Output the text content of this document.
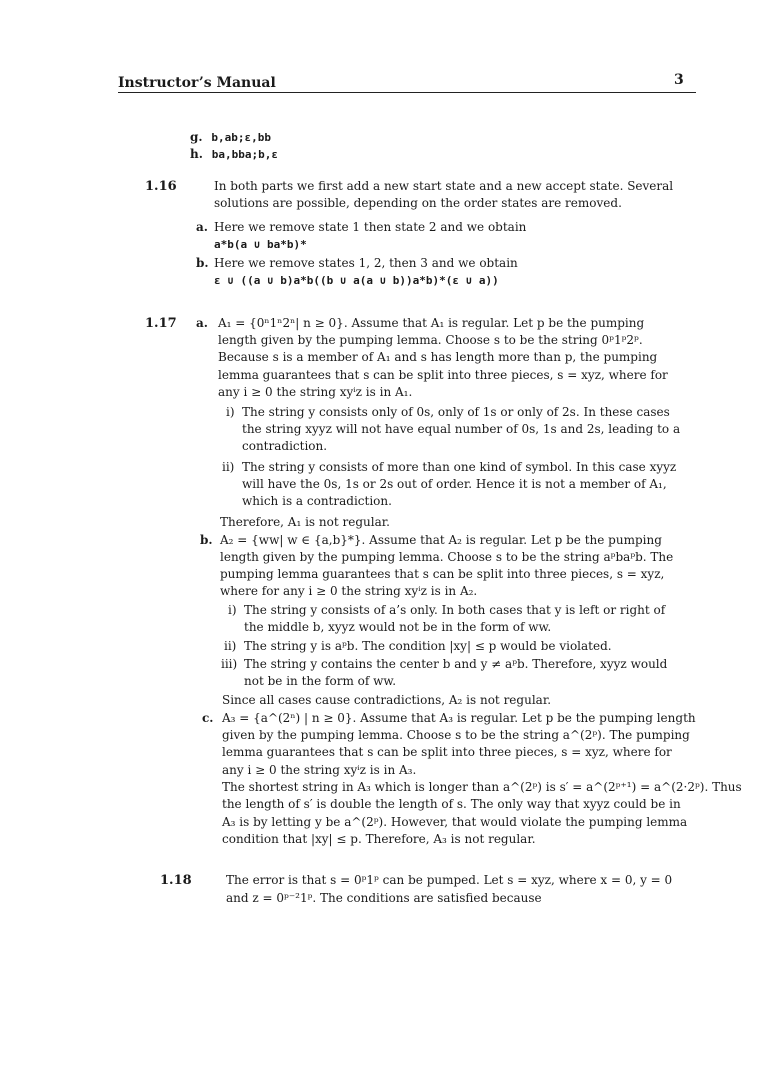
Instructor’s Manual	3
g. b,ab;ε,bb
h. ba,bba;b,ε
1.16	In both parts we first add a new start state and a new accept state. Several
solutions are possible, depending on the order states are removed.
a. Here we remove state 1 then state 2 and we obtain
a*b(a ∪ ba*b)*
b. Here we remove states 1, 2, then 3 and we obtain
ε ∪ ((a ∪ b)a*b((b ∪ a(a ∪ b))a*b)*(ε ∪ a))
1.17 a. A₁ = {0ⁿ1ⁿ2ⁿ| n ≥ 0}. Assume that A₁ is regular. Let p be the pumping
length given by the pumping lemma. Choose s to be the string 0ᵖ1ᵖ2ᵖ.
Because s is a member of A₁ and s has length more than p, the pumping
lemma guarantees that s can be split into three pieces, s = xyz, where for
any i ≥ 0 the string xyⁱz is in A₁.
i) The string y consists only of 0s, only of 1s or only of 2s. In these cases
the string xyyz will not have equal number of 0s, 1s and 2s, leading to a
contradiction.
ii) The string y consists of more than one kind of symbol. In this case xyyz
will have the 0s, 1s or 2s out of order. Hence it is not a member of A₁,
which is a contradiction.
Therefore, A₁ is not regular.
b. A₂ = {ww| w ∈ {a,b}*}. Assume that A₂ is regular. Let p be the pumping
length given by the pumping lemma. Choose s to be the string aᵖbaᵖb. The
pumping lemma guarantees that s can be split into three pieces, s = xyz,
where for any i ≥ 0 the string xyⁱz is in A₂.
i) The string y consists of a’s only. In both cases that y is left or right of
the middle b, xyyz would not be in the form of ww.
ii) The string y is aᵖb. The condition |xy| ≤ p would be violated.
iii) The string y contains the center b and y ≠ aᵖb. Therefore, xyyz would
not be in the form of ww.
Since all cases cause contradictions, A₂ is not regular.
c. A₃ = {a^(2ⁿ) | n ≥ 0}. Assume that A₃ is regular. Let p be the pumping length
given by the pumping lemma. Choose s to be the string a^(2ᵖ). The pumping
lemma guarantees that s can be split into three pieces, s = xyz, where for
any i ≥ 0 the string xyⁱz is in A₃.
The shortest string in A₃ which is longer than a^(2ᵖ) is s′ = a^(2ᵖ⁺¹) = a^(2·2ᵖ). Thus
the length of s′ is double the length of s. The only way that xyyz could be in
A₃ is by letting y be a^(2ᵖ). However, that would violate the pumping lemma
condition that |xy| ≤ p. Therefore, A₃ is not regular.
1.18	The error is that s = 0ᵖ1ᵖ can be pumped. Let s = xyz, where x = 0, y = 0
and z = 0ᵖ⁻²1ᵖ. The conditions are satisfied because
